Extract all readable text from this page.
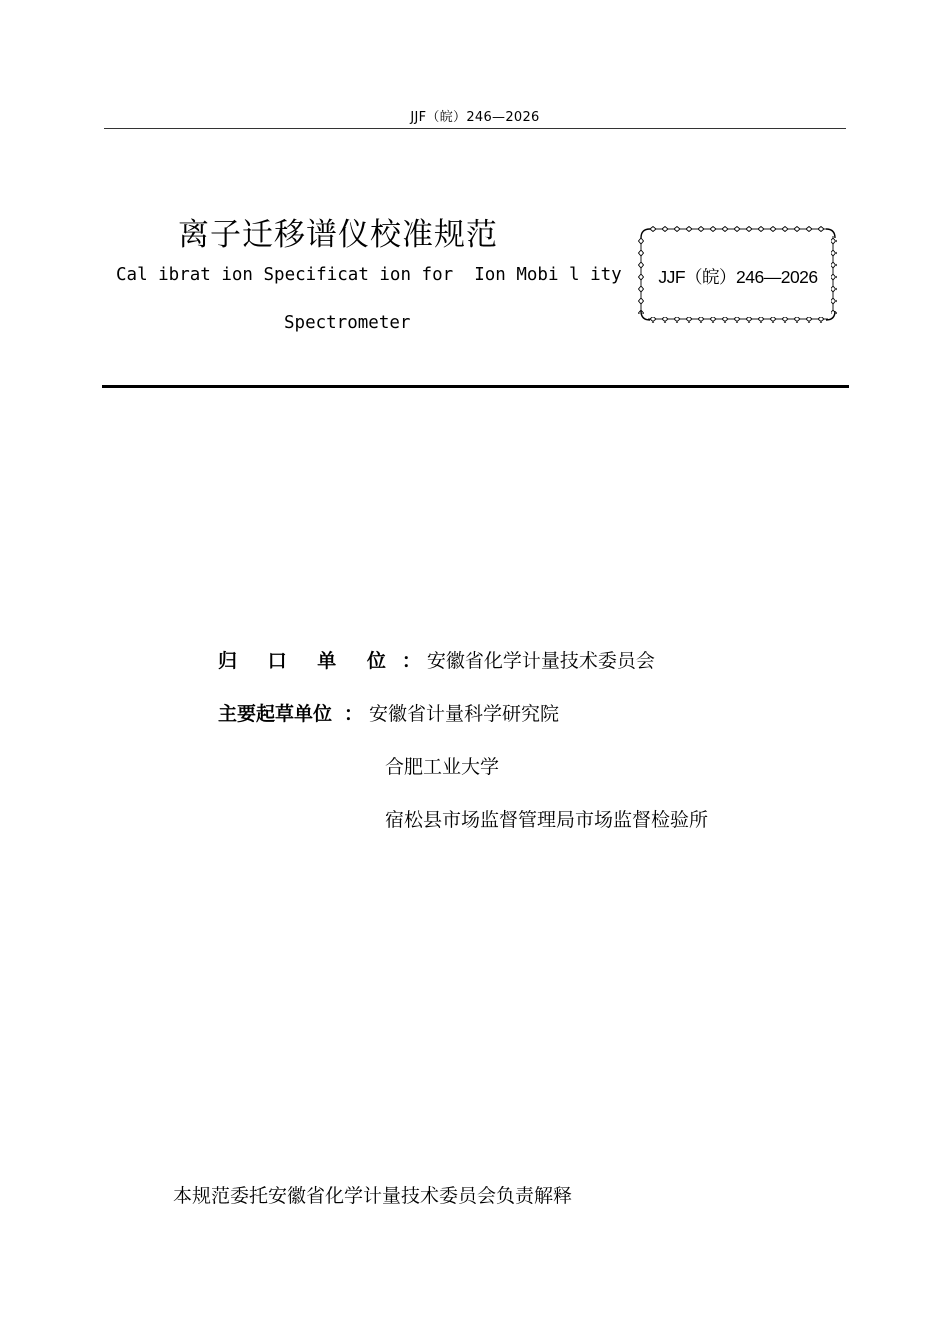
JJF（皖）246—2026
离子迁移谱仪校准规范
Cal ibrat ion Specificat ion for  Ion Mobi l ity
Spectrometer
JJF（皖）246—2026
归 口 单 位 ： 安徽省化学计量技术委员会
主要起草单位 ： 安徽省计量科学研究院
合肥工业大学
宿松县市场监督管理局市场监督检验所
本规范委托安徽省化学计量技术委员会负责解释
